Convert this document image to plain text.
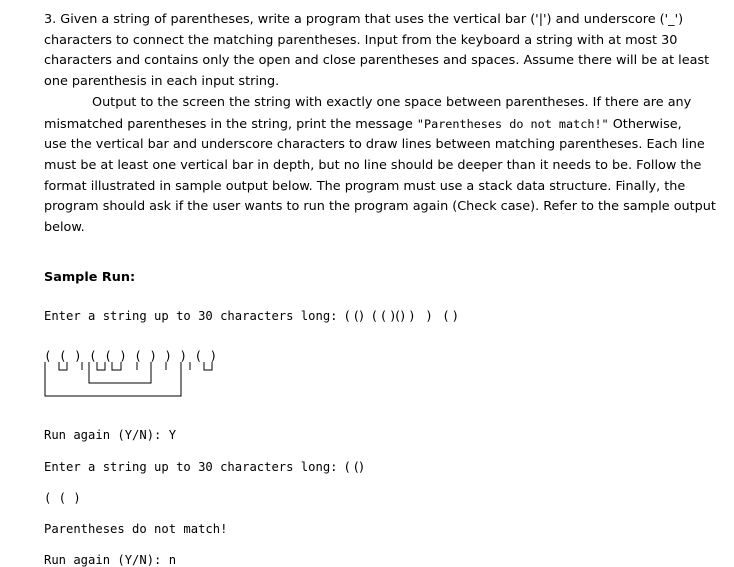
3. Given a string of parentheses, write a program that uses the vertical bar ('|') and underscore ('_')
characters to connect the matching parentheses. Input from the keyboard a string with at most 30
characters and contains only the open and close parentheses and spaces. Assume there will be at least
one parenthesis in each input string.
Output to the screen the string with exactly one space between parentheses. If there are any
mismatched parentheses in the string, print the message "Parentheses do not match!" Otherwise,
use the vertical bar and underscore characters to draw lines between matching parentheses. Each line
must be at least one vertical bar in depth, but no line should be deeper than it needs to be. Follow the
format illustrated in sample output below. The program must use a stack data structure. Finally, the
program should ask if the user wants to run the program again (Check case). Refer to the sample output
below.
Sample Run:
Enter a string up to 30 characters long: ( ()  ( ( )() )   )   ( )
( ( ) ( ( ) ( ) ) ) ( )
Run again (Y/N): Y
Enter a string up to 30 characters long: ( ()
( ( )
Parentheses do not match!
Run again (Y/N): n
